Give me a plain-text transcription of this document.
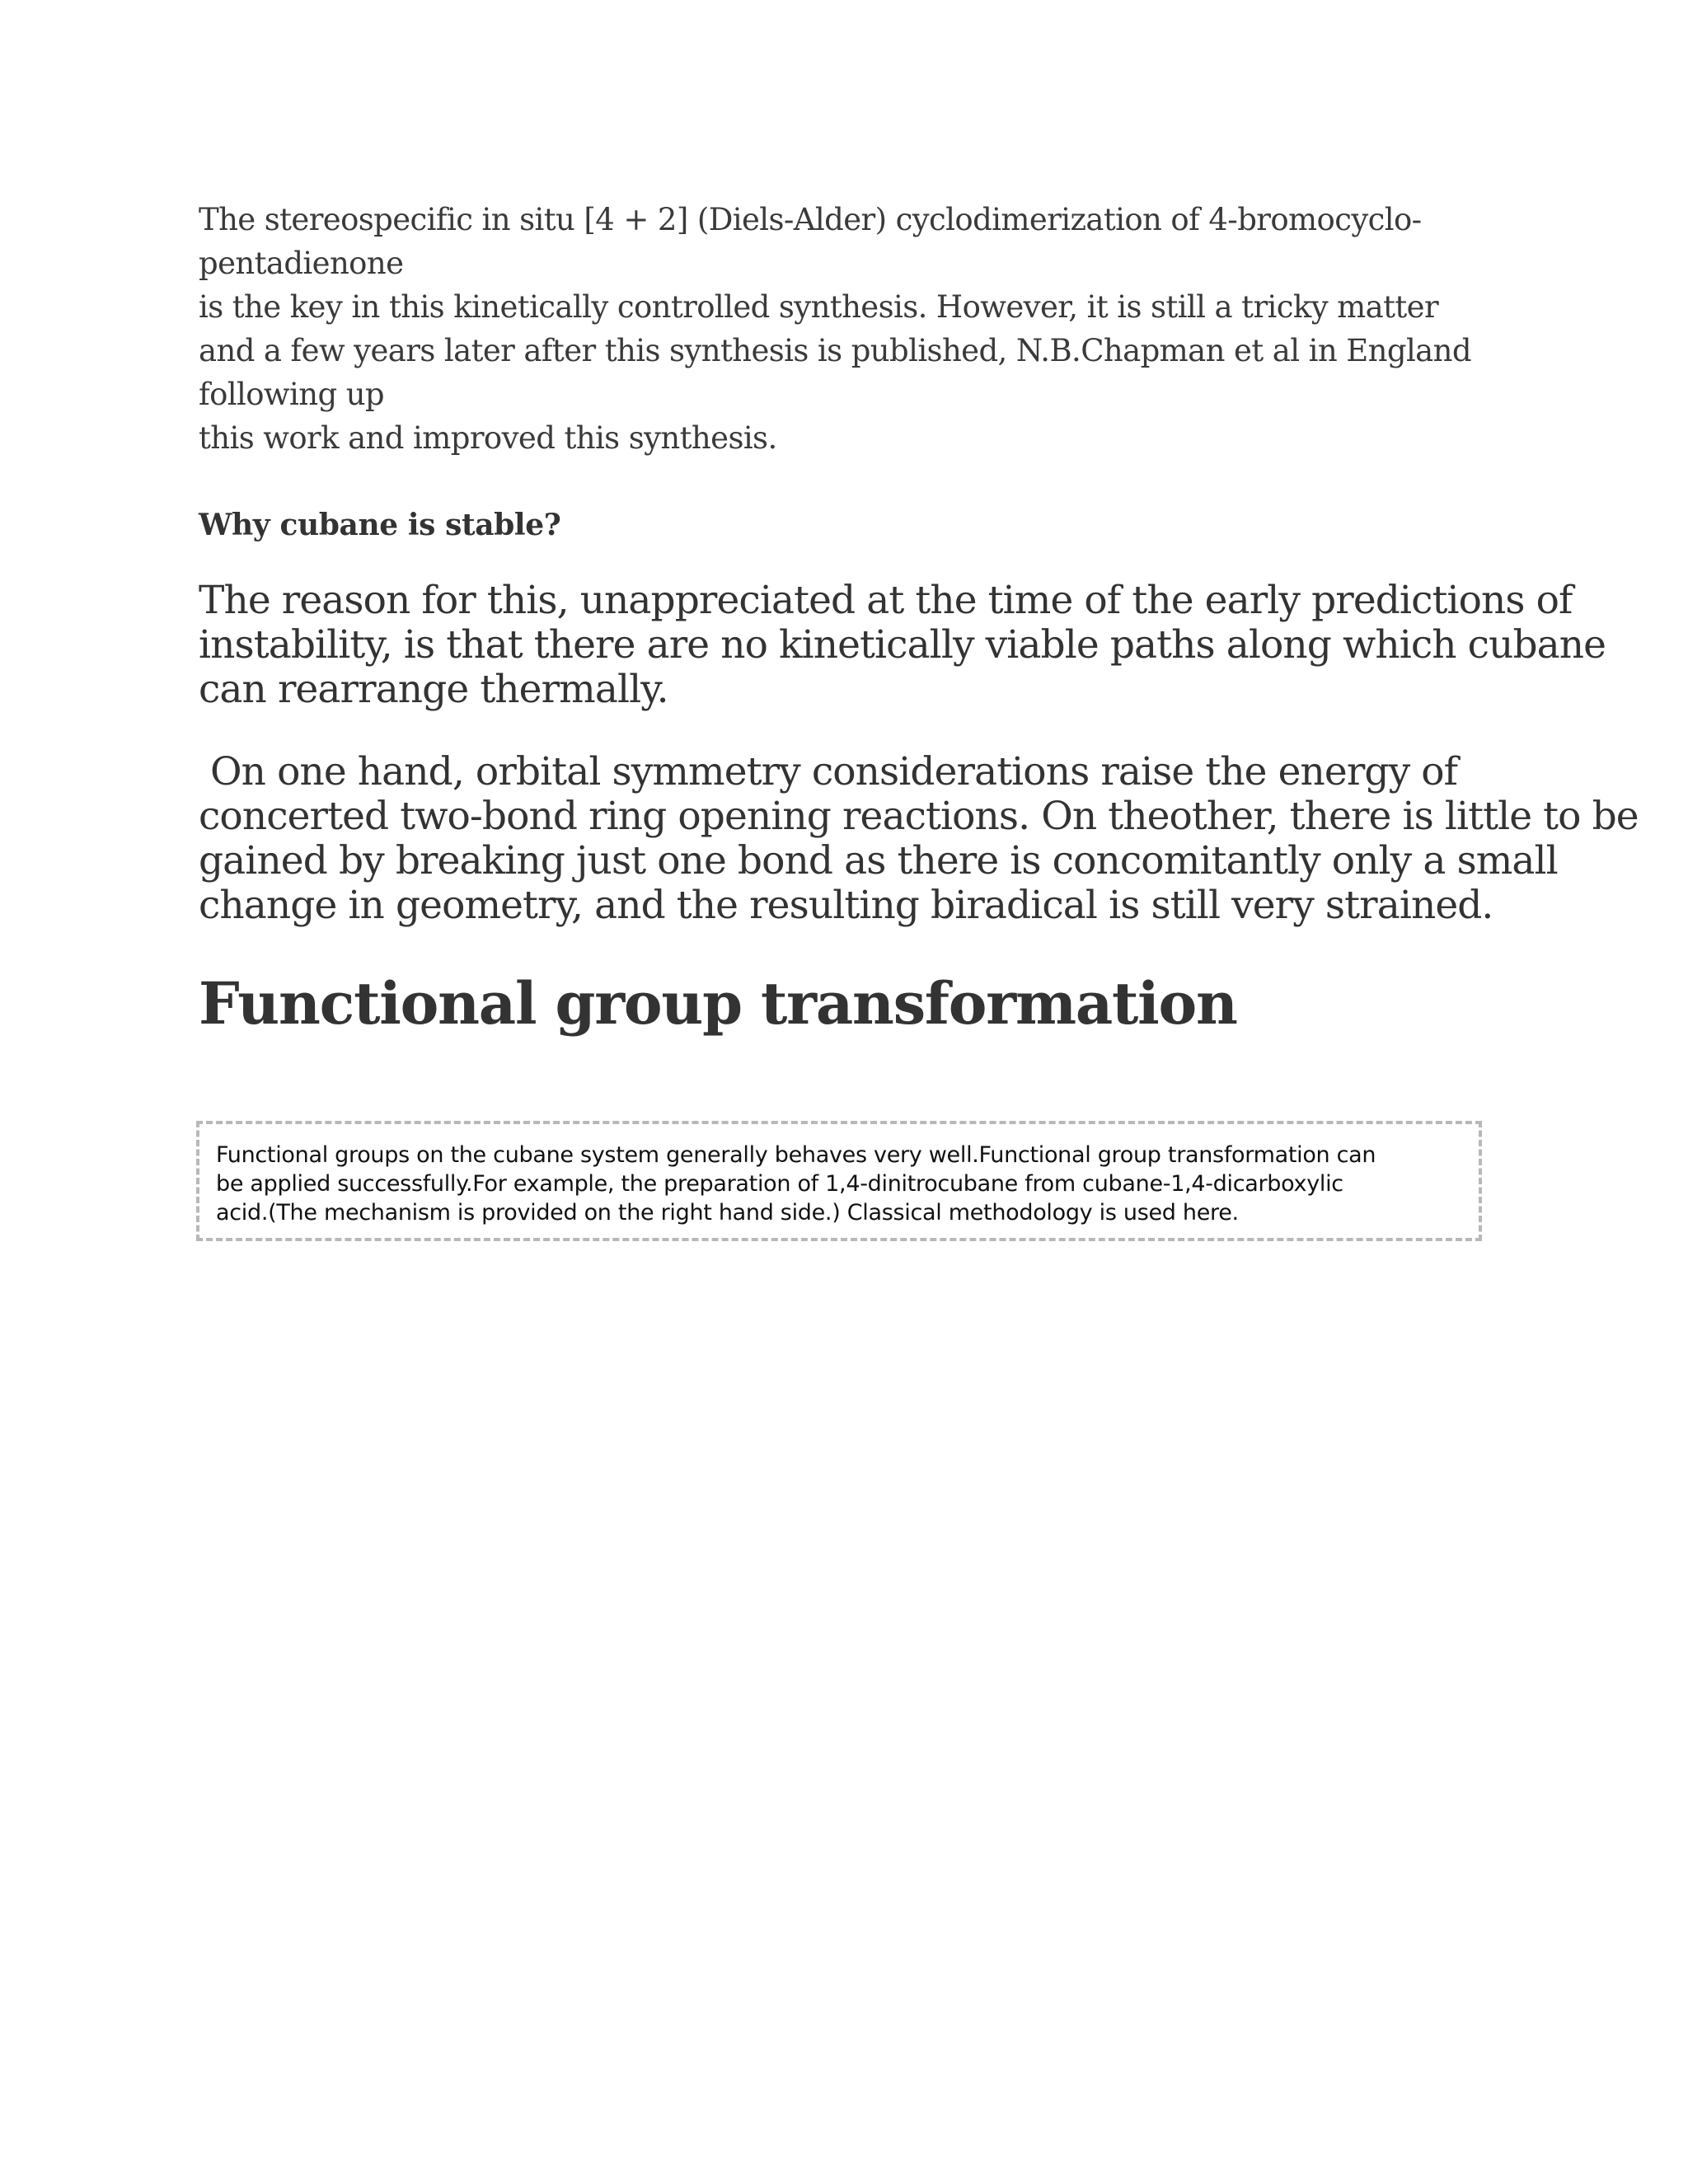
The stereospecific in situ [4 + 2] (Diels-Alder) cyclodimerization of 4-bromocyclo-
pentadienone
is the key in this kinetically controlled synthesis. However, it is still a tricky matter
and a few years later after this synthesis is published, N.B.Chapman et al in England
following up
this work and improved this synthesis.

Why cubane is stable?

The reason for this, unappreciated at the time of the early predictions of
instability, is that there are no kinetically viable paths along which cubane
can rearrange thermally.

On one hand, orbital symmetry considerations raise the energy of
concerted two-bond ring opening reactions. On theother, there is little to be
gained by breaking just one bond as there is concomitantly only a small
change in geometry, and the resulting biradical is still very strained.

Functional group transformation

Functional groups on the cubane system generally behaves very well.Functional group transformation can
be applied successfully.For example, the preparation of 1,4-dinitrocubane from cubane-1,4-dicarboxylic
acid.(The mechanism is provided on the right hand side.) Classical methodology is used here.
